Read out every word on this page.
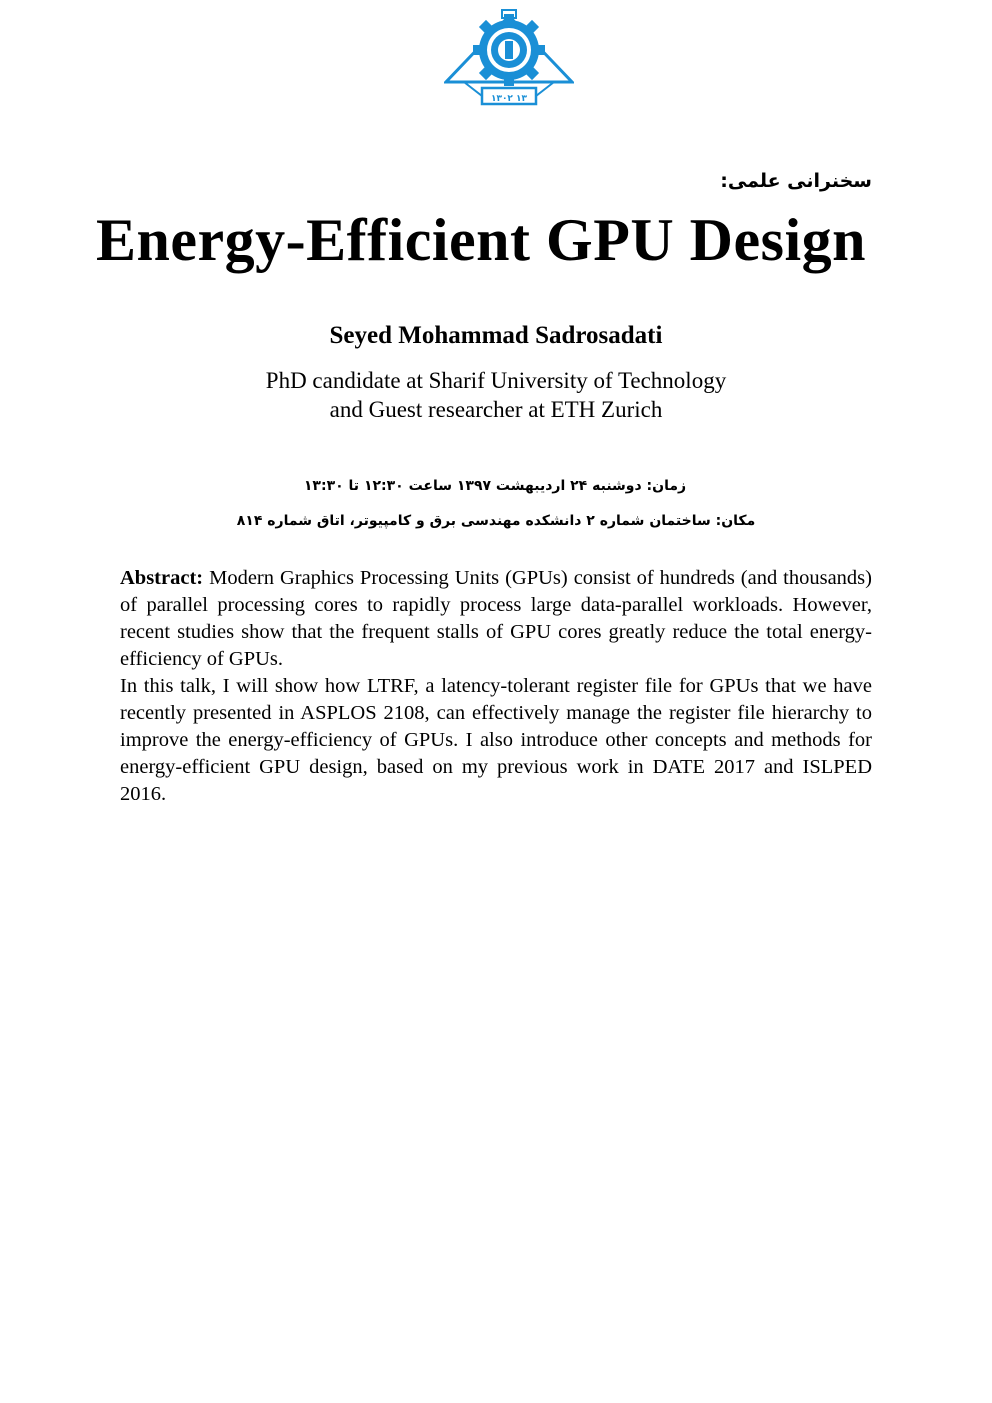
۱۳۰۲ ۱۳
سخنرانی علمی:
Energy-Efficient GPU Design
Seyed Mohammad Sadrosadati
PhD candidate at Sharif University of Technology
and Guest researcher at ETH Zurich
زمان: دوشنبه ۲۴ اردیبهشت ۱۳۹۷ ساعت ۱۲:۳۰ تا ۱۳:۳۰
مکان: ساختمان شماره ۲ دانشکده مهندسی برق و کامپیوتر، اتاق شماره ۸۱۴

Abstract: Modern Graphics Processing Units (GPUs) consist of hundreds (and thousands) of parallel processing cores to rapidly process large data-parallel workloads. However, recent studies show that the frequent stalls of GPU cores greatly reduce the total energy-efficiency of GPUs.

In this talk, I will show how LTRF, a latency-tolerant register file for GPUs that we have recently presented in ASPLOS 2108, can effectively manage the register file hierarchy to improve the energy-efficiency of GPUs. I also introduce other concepts and methods for energy-efficient GPU design, based on my previous work in DATE 2017 and ISLPED 2016.
